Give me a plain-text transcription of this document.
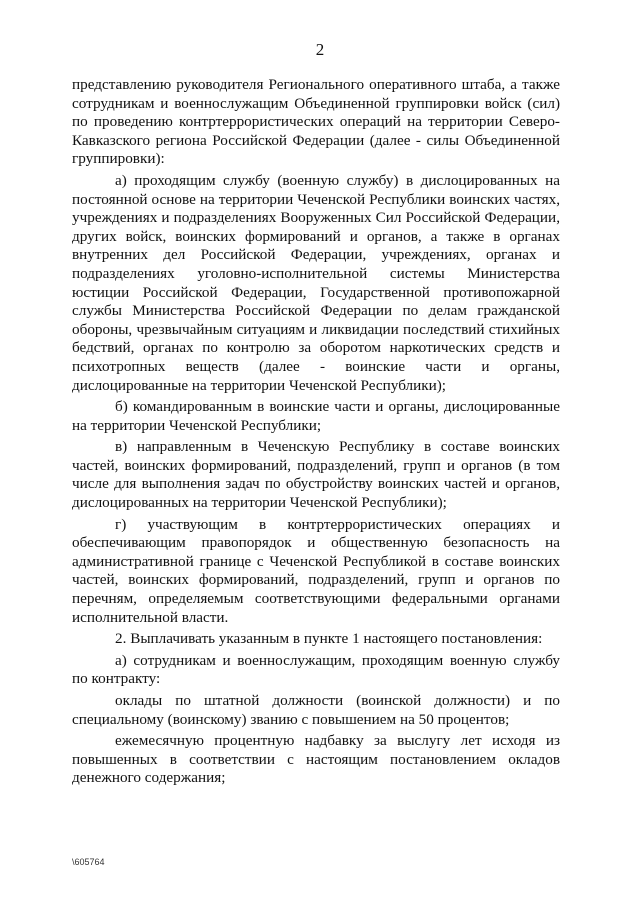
2

представлению руководителя Регионального оперативного штаба, а также сотрудникам и военнослужащим Объединенной группировки войск (сил) по проведению контртеррористических операций на территории Северо-Кавказского региона Российской Федерации (далее - силы Объединенной группировки):

а) проходящим службу (военную службу) в дислоцированных на постоянной основе на территории Чеченской Республики воинских частях, учреждениях и подразделениях Вооруженных Сил Российской Федерации, других войск, воинских формирований и органов, а также в органах внутренних дел Российской Федерации, учреждениях, органах и подразделениях уголовно-исполнительной системы Министерства юстиции Российской Федерации, Государственной противопожарной службы Министерства Российской Федерации по делам гражданской обороны, чрезвычайным ситуациям и ликвидации последствий стихийных бедствий, органах по контролю за оборотом наркотических средств и психотропных веществ (далее - воинские части и органы, дислоцированные на территории Чеченской Республики);

б) командированным в воинские части и органы, дислоцированные на территории Чеченской Республики;

в) направленным в Чеченскую Республику в составе воинских частей, воинских формирований, подразделений, групп и органов (в том числе для выполнения задач по обустройству воинских частей и органов, дислоцированных на территории Чеченской Республики);

г) участвующим в контртеррористических операциях и обеспечивающим правопорядок и общественную безопасность на административной границе с Чеченской Республикой в составе воинских частей, воинских формирований, подразделений, групп и органов по перечням, определяемым соответствующими федеральными органами исполнительной власти.

2. Выплачивать указанным в пункте 1 настоящего постановления:

а) сотрудникам и военнослужащим, проходящим военную службу по контракту:

оклады по штатной должности (воинской должности) и по специальному (воинскому) званию с повышением на 50 процентов;

ежемесячную процентную надбавку за выслугу лет исходя из повышенных в соответствии с настоящим постановлением окладов денежного содержания;

\605764
